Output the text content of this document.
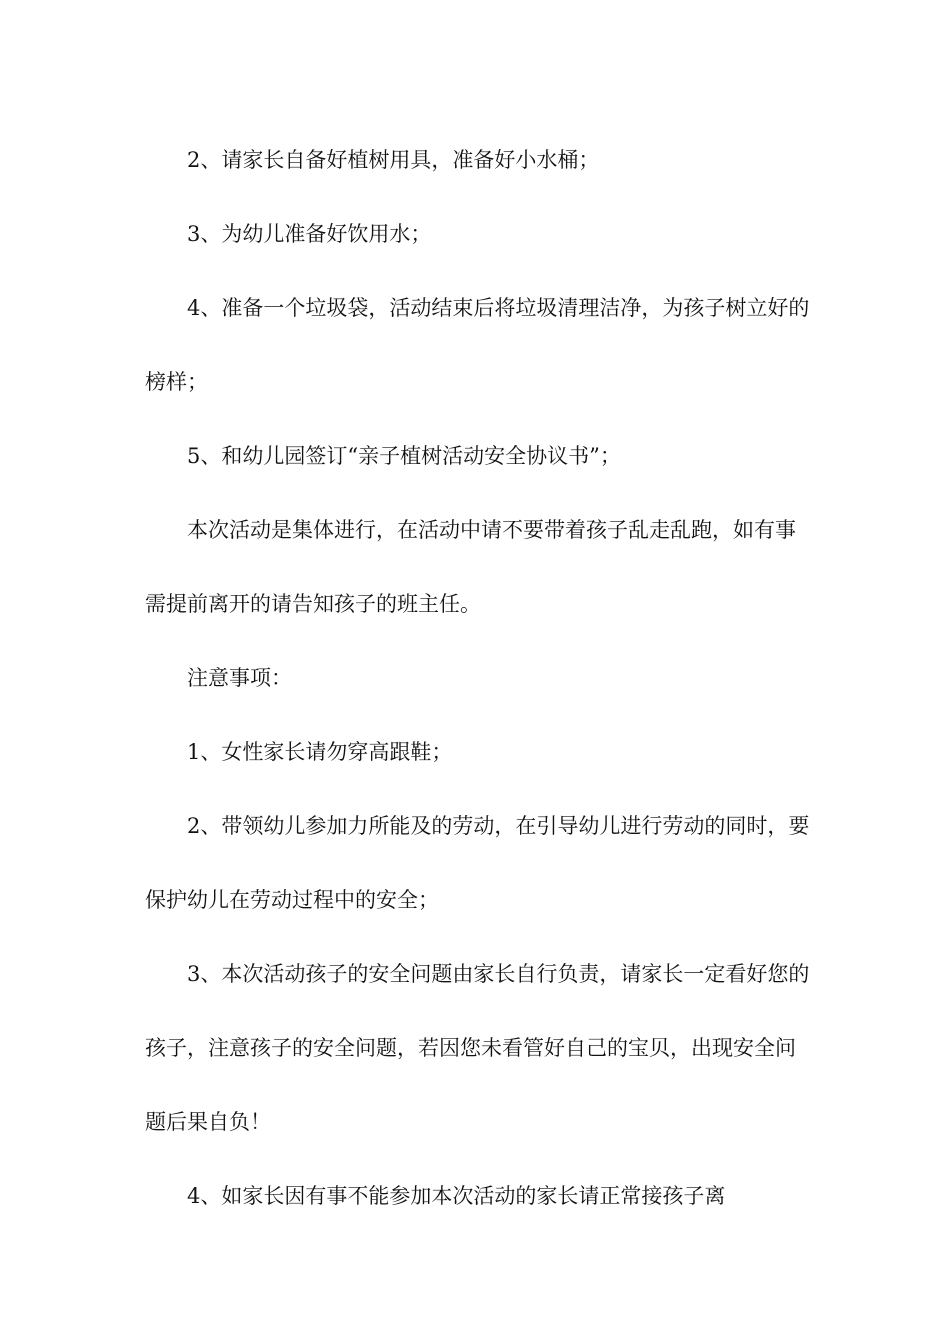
2、请家长自备好植树用具，准备好小水桶；

3、为幼儿准备好饮用水；

4、准备一个垃圾袋，活动结束后将垃圾清理洁净，为孩子树立好的榜样；

5、和幼儿园签订“亲子植树活动安全协议书”；

本次活动是集体进行，在活动中请不要带着孩子乱走乱跑，如有事需提前离开的请告知孩子的班主任。

注意事项：

1、女性家长请勿穿高跟鞋；

2、带领幼儿参加力所能及的劳动，在引导幼儿进行劳动的同时，要保护幼儿在劳动过程中的安全；

3、本次活动孩子的安全问题由家长自行负责，请家长一定看好您的孩子，注意孩子的安全问题，若因您未看管好自己的宝贝，出现安全问题后果自负！

4、如家长因有事不能参加本次活动的家长请正常接孩子离
